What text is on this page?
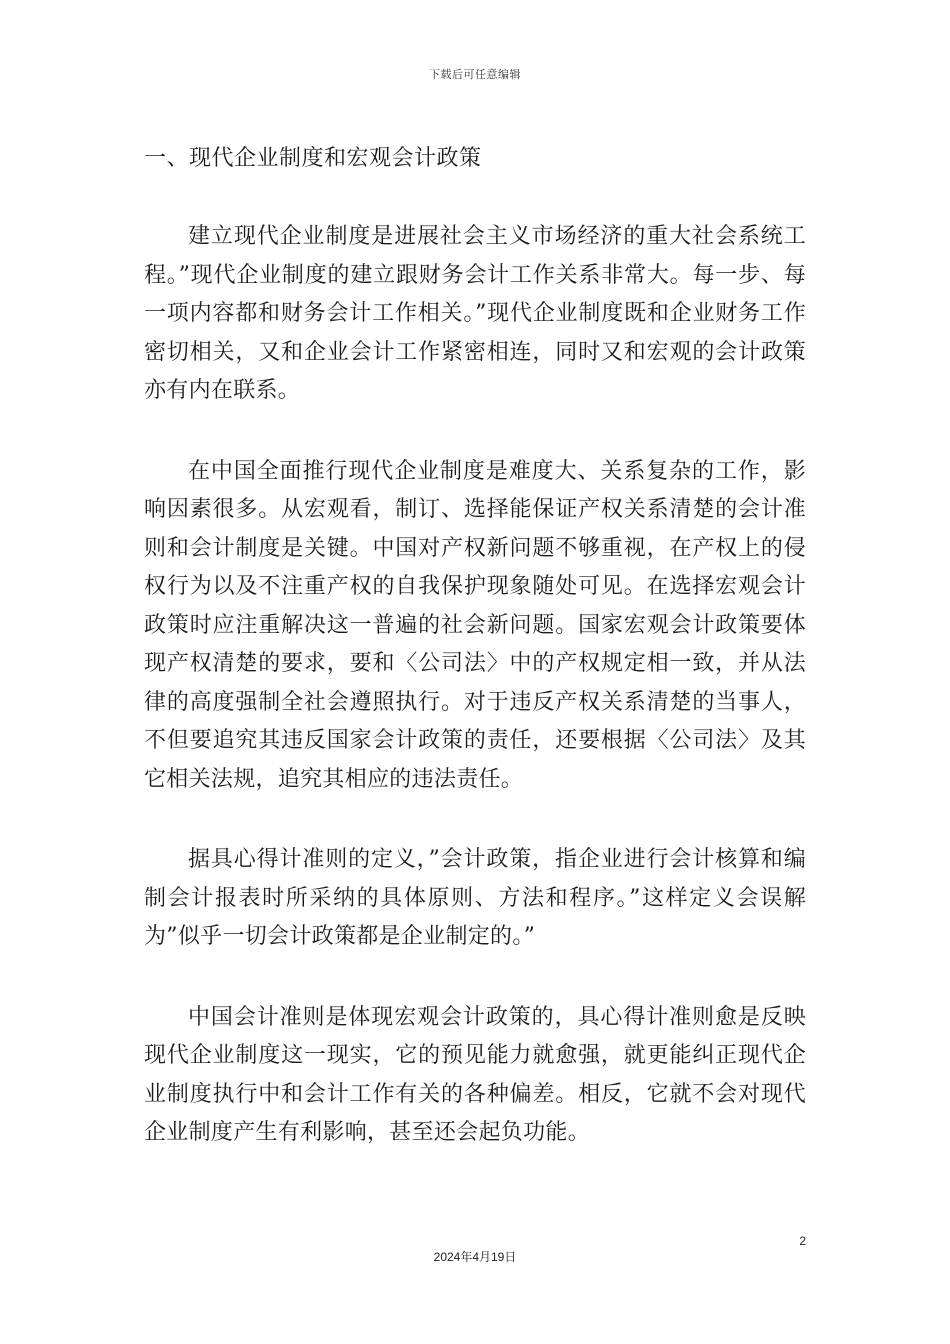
下载后可任意编辑
一、现代企业制度和宏观会计政策

建立现代企业制度是进展社会主义市场经济的重大社会系统工程。”现代企业制度的建立跟财务会计工作关系非常大。每一步、每一项内容都和财务会计工作相关。”现代企业制度既和企业财务工作密切相关，又和企业会计工作紧密相连，同时又和宏观的会计政策亦有内在联系。

在中国全面推行现代企业制度是难度大、关系复杂的工作，影响因素很多。从宏观看，制订、选择能保证产权关系清楚的会计准则和会计制度是关键。中国对产权新问题不够重视，在产权上的侵权行为以及不注重产权的自我保护现象随处可见。在选择宏观会计政策时应注重解决这一普遍的社会新问题。国家宏观会计政策要体现产权清楚的要求，要和〈公司法〉中的产权规定相一致，并从法律的高度强制全社会遵照执行。对于违反产权关系清楚的当事人，不但要追究其违反国家会计政策的责任，还要根据〈公司法〉及其它相关法规，追究其相应的违法责任。

据具心得计准则的定义，”会计政策，指企业进行会计核算和编制会计报表时所采纳的具体原则、方法和程序。”这样定义会误解为”似乎一切会计政策都是企业制定的。”

中国会计准则是体现宏观会计政策的，具心得计准则愈是反映现代企业制度这一现实，它的预见能力就愈强，就更能纠正现代企业制度执行中和会计工作有关的各种偏差。相反，它就不会对现代企业制度产生有利影响，甚至还会起负功能。

2
2024年4月19日
